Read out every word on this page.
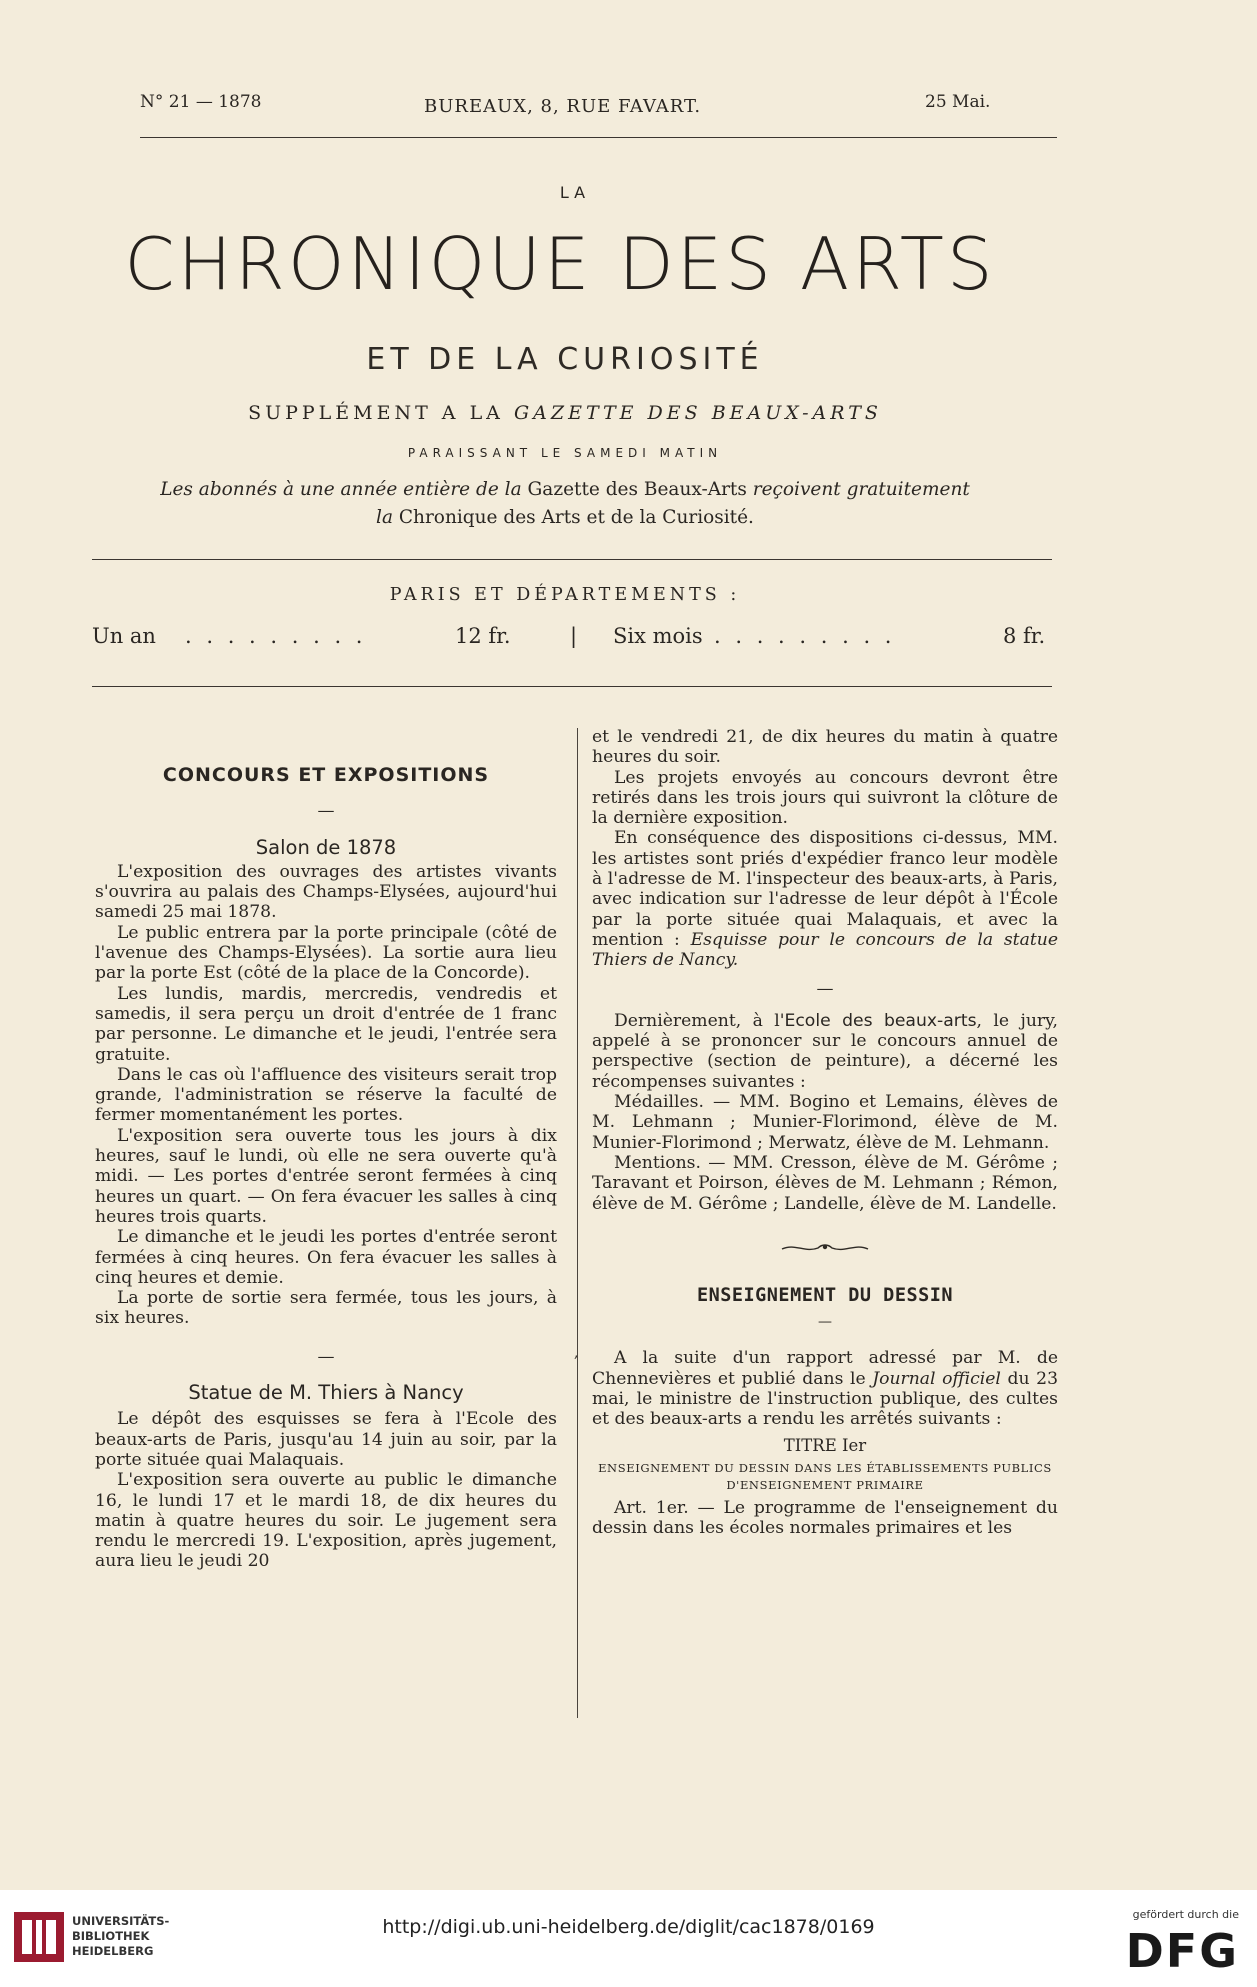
N° 21 — 1878	BUREAUX, 8, RUE FAVART.	25 Mai.
LA
CHRONIQUE DES ARTS
ET DE LA CURIOSITÉ
SUPPLÉMENT A LA GAZETTE DES BEAUX-ARTS
PARAISSANT LE SAMEDI MATIN
Les abonnés à une année entière de la Gazette des Beaux-Arts reçoivent gratuitement
la Chronique des Arts et de la Curiosité.
PARIS ET DÉPARTEMENTS :
Un an . . . . . . . . .	12 fr.	| Six mois . . . . . . . . .	8 fr.
CONCOURS ET EXPOSITIONS
—
Salon de 1878

L'exposition des ouvrages des artistes vivants s'ouvrira au palais des Champs-Elysées, aujourd'hui samedi 25 mai 1878.

Le public entrera par la porte principale (côté de l'avenue des Champs-Elysées). La sortie aura lieu par la porte Est (côté de la place de la Concorde).

Les lundis, mardis, mercredis, vendredis et samedis, il sera perçu un droit d'entrée de 1 franc par personne. Le dimanche et le jeudi, l'entrée sera gratuite.

Dans le cas où l'affluence des visiteurs serait trop grande, l'administration se réserve la faculté de fermer momentanément les portes.

L'exposition sera ouverte tous les jours à dix heures, sauf le lundi, où elle ne sera ouverte qu'à midi. — Les portes d'entrée seront fermées à cinq heures un quart. — On fera évacuer les salles à cinq heures trois quarts.

Le dimanche et le jeudi les portes d'entrée seront fermées à cinq heures. On fera évacuer les salles à cinq heures et demie.

La porte de sortie sera fermée, tous les jours, à six heures.

—
Statue de M. Thiers à Nancy

Le dépôt des esquisses se fera à l'Ecole des beaux-arts de Paris, jusqu'au 14 juin au soir, par la porte située quai Malaquais.

L'exposition sera ouverte au public le dimanche 16, le lundi 17 et le mardi 18, de dix heures du matin à quatre heures du soir. Le jugement sera rendu le mercredi 19. L'exposition, après jugement, aura lieu le jeudi 20

et le vendredi 21, de dix heures du matin à quatre heures du soir.

Les projets envoyés au concours devront être retirés dans les trois jours qui suivront la clôture de la dernière exposition.

En conséquence des dispositions ci-dessus, MM. les artistes sont priés d'expédier franco leur modèle à l'adresse de M. l'inspecteur des beaux-arts, à Paris, avec indication sur l'adresse de leur dépôt à l'École par la porte située quai Malaquais, et avec la mention : Esquisse pour le concours de la statue Thiers de Nancy.

—

Dernièrement, à l'Ecole des beaux-arts, le jury, appelé à se prononcer sur le concours annuel de perspective (section de peinture), a décerné les récompenses suivantes :

Médailles. — MM. Bogino et Lemains, élèves de M. Lehmann ; Munier-Florimond, élève de M. Munier-Florimond ; Merwatz, élève de M. Lehmann.

Mentions. — MM. Cresson, élève de M. Gérôme ; Taravant et Poirson, élèves de M. Lehmann ; Rémon, élève de M. Gérôme ; Landelle, élève de M. Landelle.

ENSEIGNEMENT DU DESSIN
—

A la suite d'un rapport adressé par M. de Chennevières et publié dans le Journal officiel du 23 mai, le ministre de l'instruction publique, des cultes et des beaux-arts a rendu les arrêtés suivants :

TITRE Ier
ENSEIGNEMENT DU DESSIN DANS LES ÉTABLISSEMENTS PUBLICS D'ENSEIGNEMENT PRIMAIRE

Art. 1er. — Le programme de l'enseignement du dessin dans les écoles normales primaires et les

,
UNIVERSITÄTS-
BIBLIOTHEK
HEIDELBERG
http://digi.ub.uni-heidelberg.de/diglit/cac1878/0169
gefördert durch die
DFG
